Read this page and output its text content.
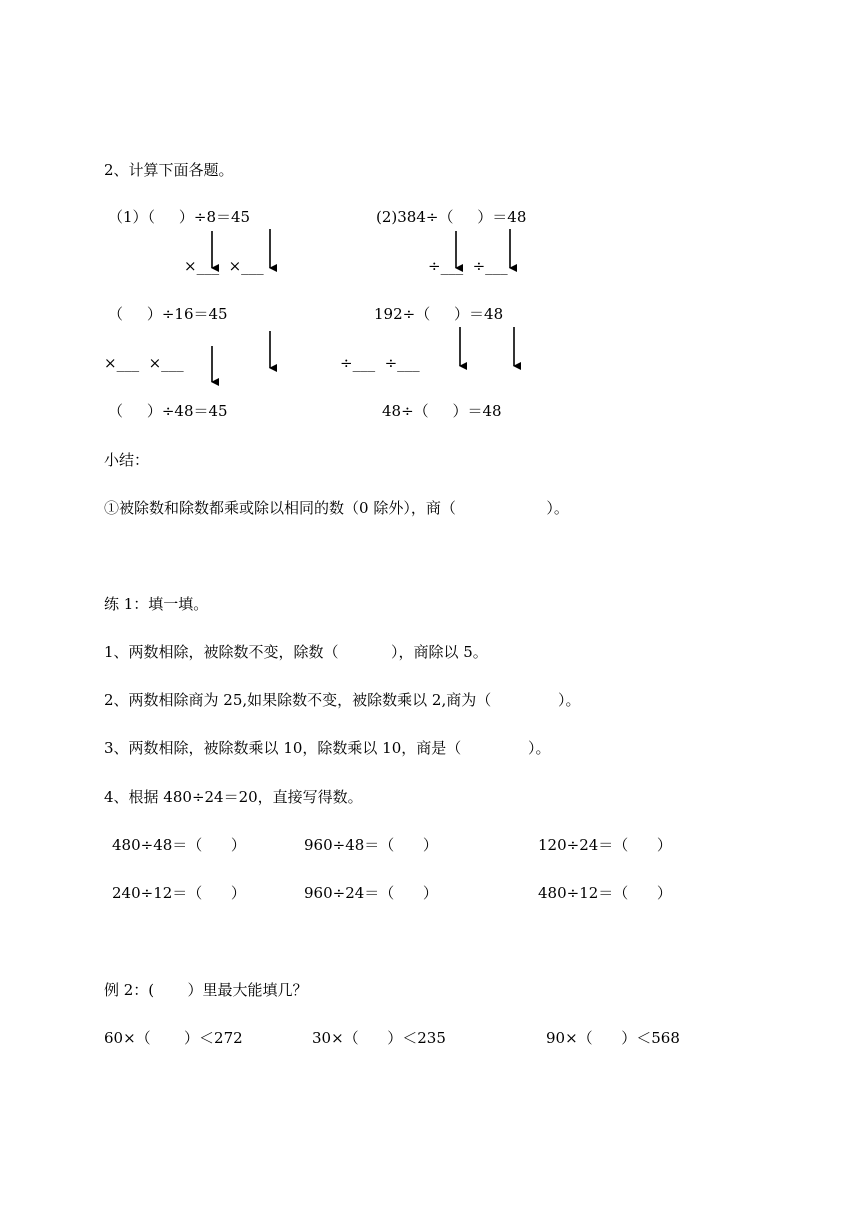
2、计算下面各题。
（1）（     ）÷8＝45
×___  ×___
（     ）÷16＝45
×___  ×___
（     ）÷48＝45
(2)384÷（     ）＝48
÷___  ÷___
192÷（     ）＝48
÷___  ÷___
48÷（     ）＝48
小结：
①被除数和除数都乘或除以相同的数（0 除外），商（                   ）。
练 1：填一填。
1、两数相除，被除数不变，除数（           ），商除以 5。
2、两数相除商为 25,如果除数不变，被除数乘以 2,商为（              ）。
3、两数相除，被除数乘以 10，除数乘以 10，商是（              ）。
4、根据 480÷24＝20，直接写得数。
480÷48＝（      ）	960÷48＝（      ）	120÷24＝（      ）
240÷12＝（      ）	960÷24＝（      ）	480÷12＝（      ）
例 2：(       ）里最大能填几？
60×（       ）＜272	30×（      ）＜235	90×（      ）＜568
